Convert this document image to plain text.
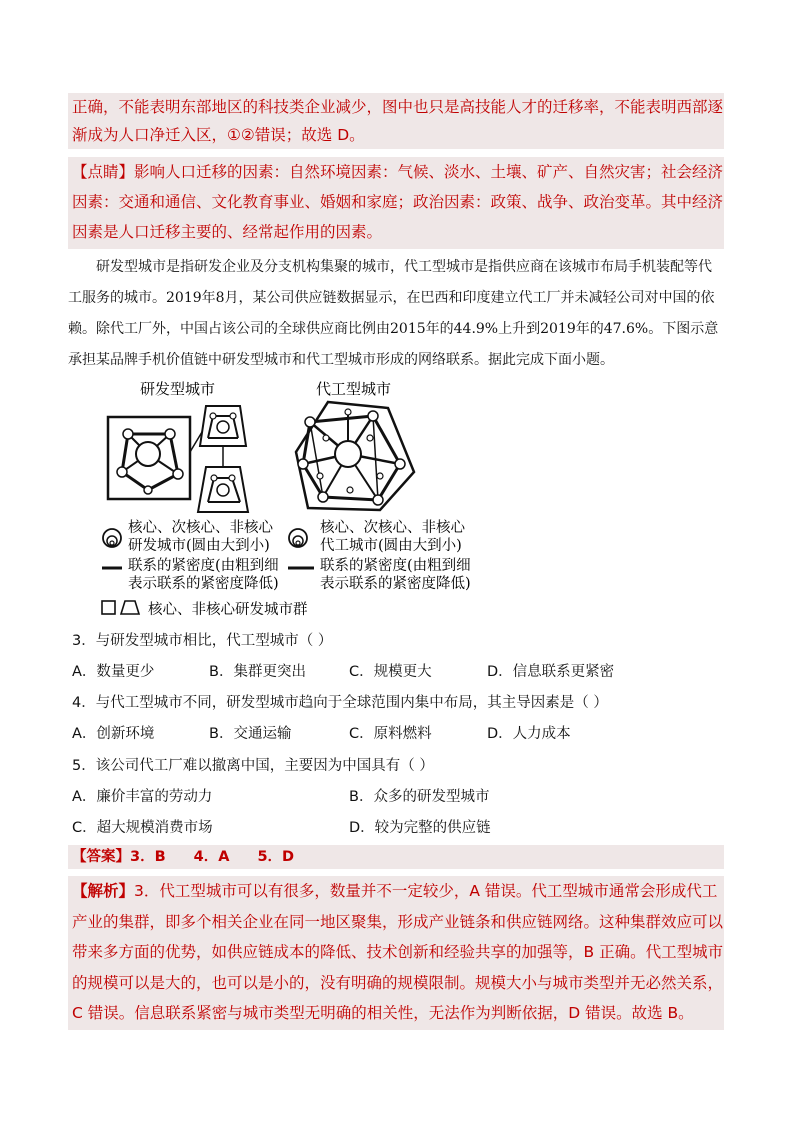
正确，不能表明东部地区的科技类企业减少，图中也只是高技能人才的迁移率，不能表明西部逐渐成为人口净迁入区，①②错误；故选 D。

【点睛】影响人口迁移的因素：自然环境因素：气候、淡水、土壤、矿产、自然灾害；社会经济因素：交通和通信、文化教育事业、婚姻和家庭；政治因素：政策、战争、政治变革。其中经济因素是人口迁移主要的、经常起作用的因素。

研发型城市是指研发企业及分支机构集聚的城市，代工型城市是指供应商在该城市布局手机装配等代工服务的城市。2019年8月，某公司供应链数据显示，在巴西和印度建立代工厂并未减轻公司对中国的依赖。除代工厂外，中国占该公司的全球供应商比例由2015年的44.9%上升到2019年的47.6%。下图示意承担某品牌手机价值链中研发型城市和代工型城市形成的网络联系。据此完成下面小题。

研发型城市	代工型城市
核心、次核心、非核心
研发城市(圆由大到小)
联系的紧密度(由粗到细
表示联系的紧密度降低)
核心、次核心、非核心
代工城市(圆由大到小)
联系的紧密度(由粗到细
表示联系的紧密度降低)
核心、非核心研发城市群
3．与研发型城市相比，代工型城市（ ）
A．数量更少	B．集群更突出	C．规模更大	D．信息联系更紧密
4．与代工型城市不同，研发型城市趋向于全球范围内集中布局，其主导因素是（ ）
A．创新环境	B．交通运输	C．原料燃料	D．人力成本
5．该公司代工厂难以撤离中国，主要因为中国具有（ ）
A．廉价丰富的劳动力	B．众多的研发型城市
C．超大规模消费市场	D．较为完整的供应链
【答案】3．B 4．A 5．D

【解析】3．代工型城市可以有很多，数量并不一定较少，A 错误。代工型城市通常会形成代工产业的集群，即多个相关企业在同一地区聚集，形成产业链条和供应链网络。这种集群效应可以带来多方面的优势，如供应链成本的降低、技术创新和经验共享的加强等，B 正确。代工型城市的规模可以是大的，也可以是小的，没有明确的规模限制。规模大小与城市类型并无必然关系，C 错误。信息联系紧密与城市类型无明确的相关性，无法作为判断依据，D 错误。故选 B。
